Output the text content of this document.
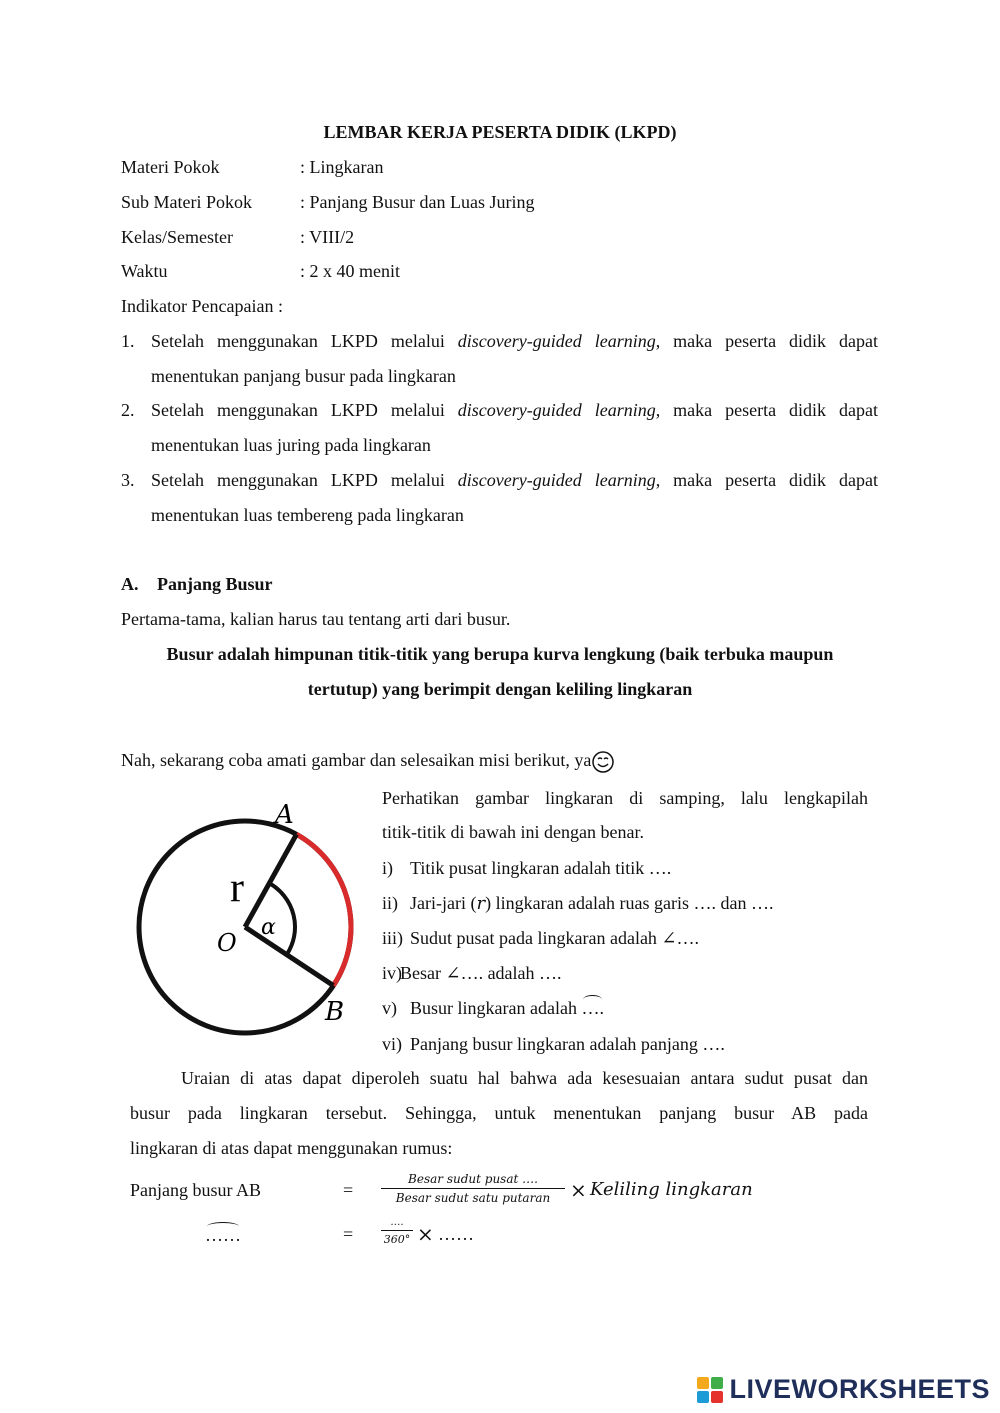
LEMBAR KERJA PESERTA DIDIK (LKPD)
Materi Pokok	: Lingkaran
Sub Materi Pokok	: Panjang Busur dan Luas Juring
Kelas/Semester	: VIII/2
Waktu	: 2 x 40 menit
Indikator Pencapaian :
1. Setelah menggunakan LKPD melalui discovery-guided learning, maka peserta didik dapat
menentukan panjang busur pada lingkaran
2. Setelah menggunakan LKPD melalui discovery-guided learning, maka peserta didik dapat
menentukan luas juring pada lingkaran
3. Setelah menggunakan LKPD melalui discovery-guided learning, maka peserta didik dapat
menentukan luas tembereng pada lingkaran
A. Panjang Busur
Pertama-tama, kalian harus tau tentang arti dari busur.
Busur adalah himpunan titik-titik yang berupa kurva lengkung (baik terbuka maupun
tertutup) yang berimpit dengan keliling lingkaran
Nah, sekarang coba amati gambar dan selesaikan misi berikut, ya
A
B
O
r
α
Perhatikan gambar lingkaran di samping, lalu lengkapilah
titik-titik di bawah ini dengan benar.
i) Titik pusat lingkaran adalah titik ….
ii) Jari-jari (r) lingkaran adalah ruas garis …. dan ….
iii) Sudut pusat pada lingkaran adalah ∠….
iv)
Besar ∠…. adalah ….
v) Busur lingkaran adalah ….
vi) Panjang busur lingkaran adalah panjang ….
Uraian di atas dapat diperoleh suatu hal bahwa ada kesesuaian antara sudut pusat dan
busur pada lingkaran tersebut. Sehingga, untuk menentukan panjang busur AB pada
lingkaran di atas dapat menggunakan rumus:
Panjang busur AB	=
Besar sudut pusat ….
Besar sudut satu putaran × Keliling lingkaran
……	=
….
360° × ……
LIVEWORKSHEETS
